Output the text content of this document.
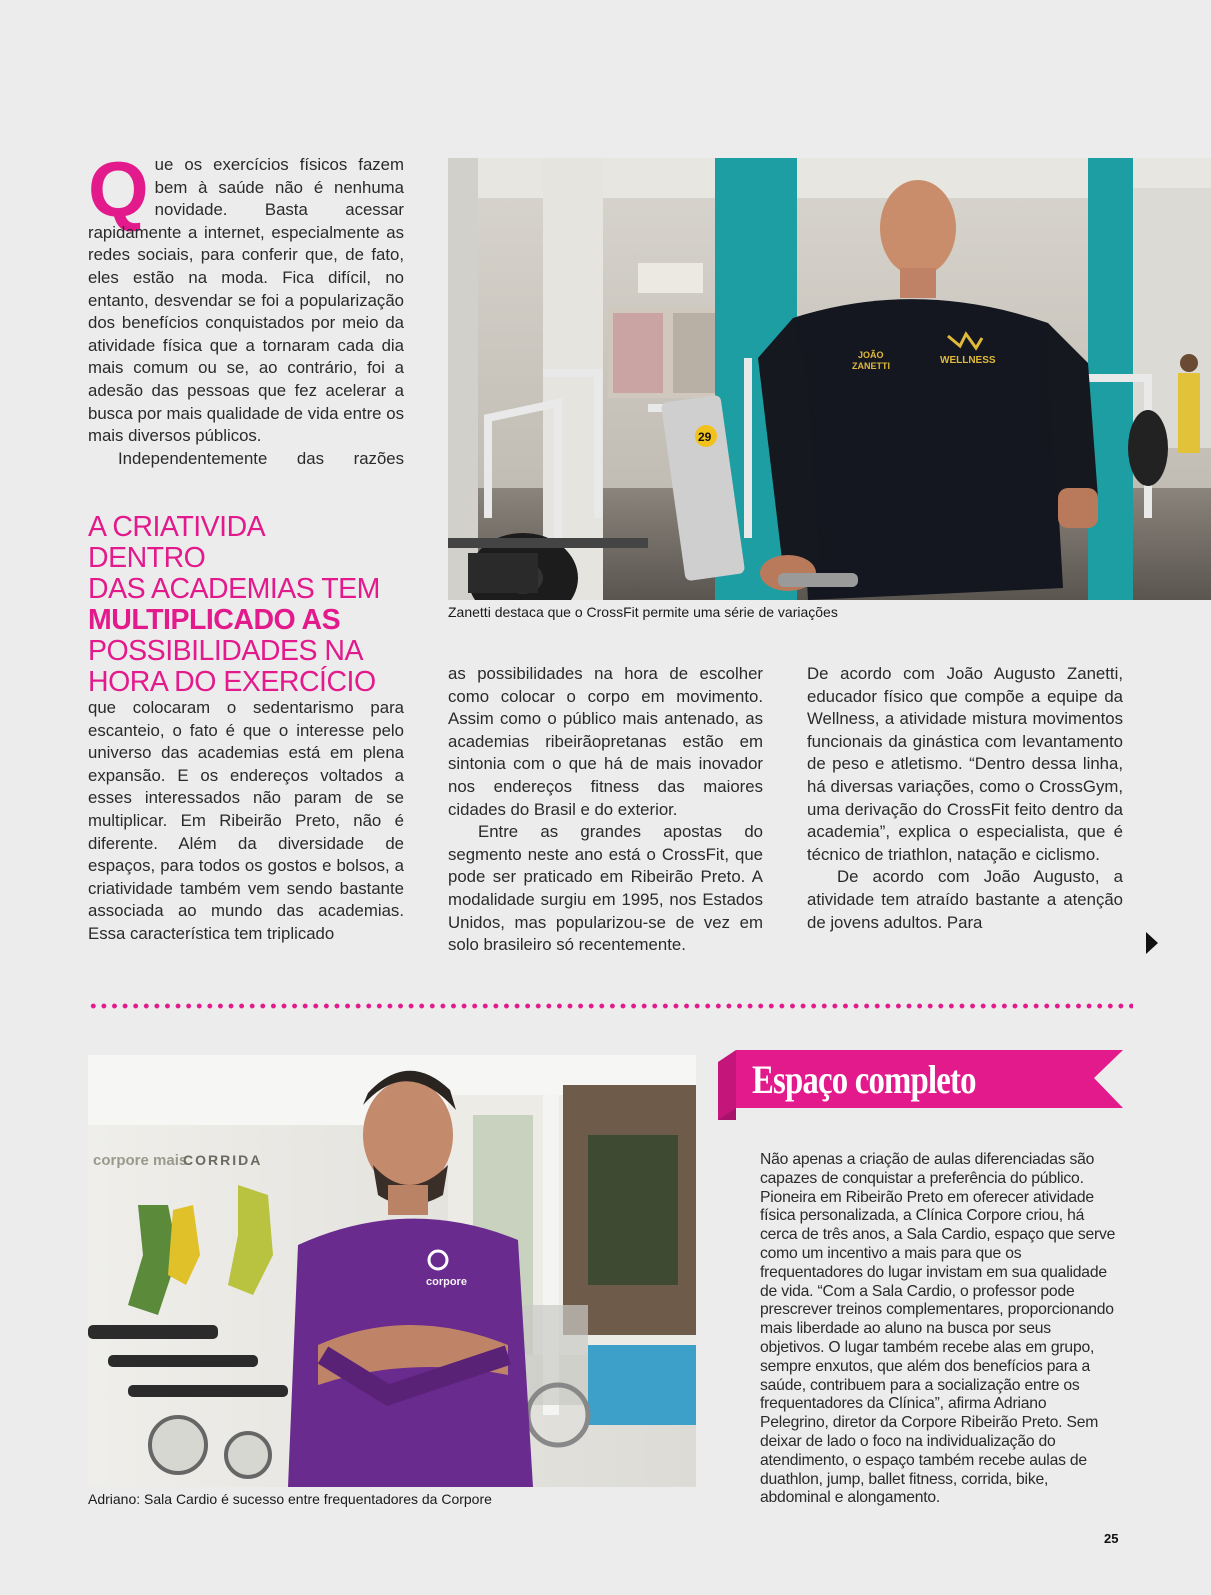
Que os exercícios físicos fazem bem à saúde não é nenhuma novidade. Basta acessar rapidamente a internet, especialmente as redes sociais, para conferir que, de fato, eles estão na moda. Fica difícil, no entanto, desvendar se foi a popularização dos benefícios conquistados por meio da atividade física que a tornaram cada dia mais comum ou se, ao contrário, foi a adesão das pessoas que fez acelerar a busca por mais qualidade de vida entre os mais diversos públicos.

Independentemente das razões

A CRIATIVIDA DENTRO
DAS ACADEMIAS TEM
MULTIPLICADO AS
POSSIBILIDADES NA
HORA DO EXERCÍCIO

que colocaram o sedentarismo para escanteio, o fato é que o interesse pelo universo das academias está em plena expansão. E os endereços voltados a esses interessados não param de se multiplicar. Em Ribeirão Preto, não é diferente. Além da diversidade de espaços, para todos os gostos e bolsos, a criatividade também vem sendo bastante associada ao mundo das academias. Essa característica tem triplicado

as possibilidades na hora de escolher como colocar o corpo em movimento. Assim como o público mais antenado, as academias ribeirãopretanas estão em sintonia com o que há de mais inovador nos endereços fitness das maiores cidades do Brasil e do exterior.

Entre as grandes apostas do segmento neste ano está o CrossFit, que pode ser praticado em Ribeirão Preto. A modalidade surgiu em 1995, nos Estados Unidos, mas popularizou-se de vez em solo brasileiro só recentemente.

De acordo com João Augusto Zanetti, educador físico que compõe a equipe da Wellness, a atividade mistura movimentos funcionais da ginástica com levantamento de peso e atletismo. “Dentro dessa linha, há diversas variações, como o CrossGym, uma derivação do CrossFit feito dentro da academia”, explica o especialista, que é técnico de triathlon, natação e ciclismo.

De acordo com João Augusto, a atividade tem atraído bastante a atenção de jovens adultos. Para

29
JOÃO
ZANETTI	WELLNESS
Zanetti destaca que o CrossFit permite uma série de variações
corpore mais
CORRIDA
corpore
Adriano: Sala Cardio é sucesso entre frequentadores da Corpore
Espaço completo
Não apenas a criação de aulas diferenciadas são capazes de conquistar a preferência do público. Pioneira em Ribeirão Preto em oferecer atividade física personalizada, a Clínica Corpore criou, há cerca de três anos, a Sala Cardio, espaço que serve como um incentivo a mais para que os frequentadores do lugar invistam em sua qualidade de vida. “Com a Sala Cardio, o professor pode prescrever treinos complementares, proporcionando mais liberdade ao aluno na busca por seus objetivos. O lugar também recebe alas em grupo, sempre enxutos, que além dos benefícios para a saúde, contribuem para a socialização entre os frequentadores da Clínica”, afirma Adriano Pelegrino, diretor da Corpore Ribeirão Preto. Sem deixar de lado o foco na individualização do atendimento, o espaço também recebe aulas de duathlon, jump, ballet fitness, corrida, bike, abdominal e alongamento.
25
